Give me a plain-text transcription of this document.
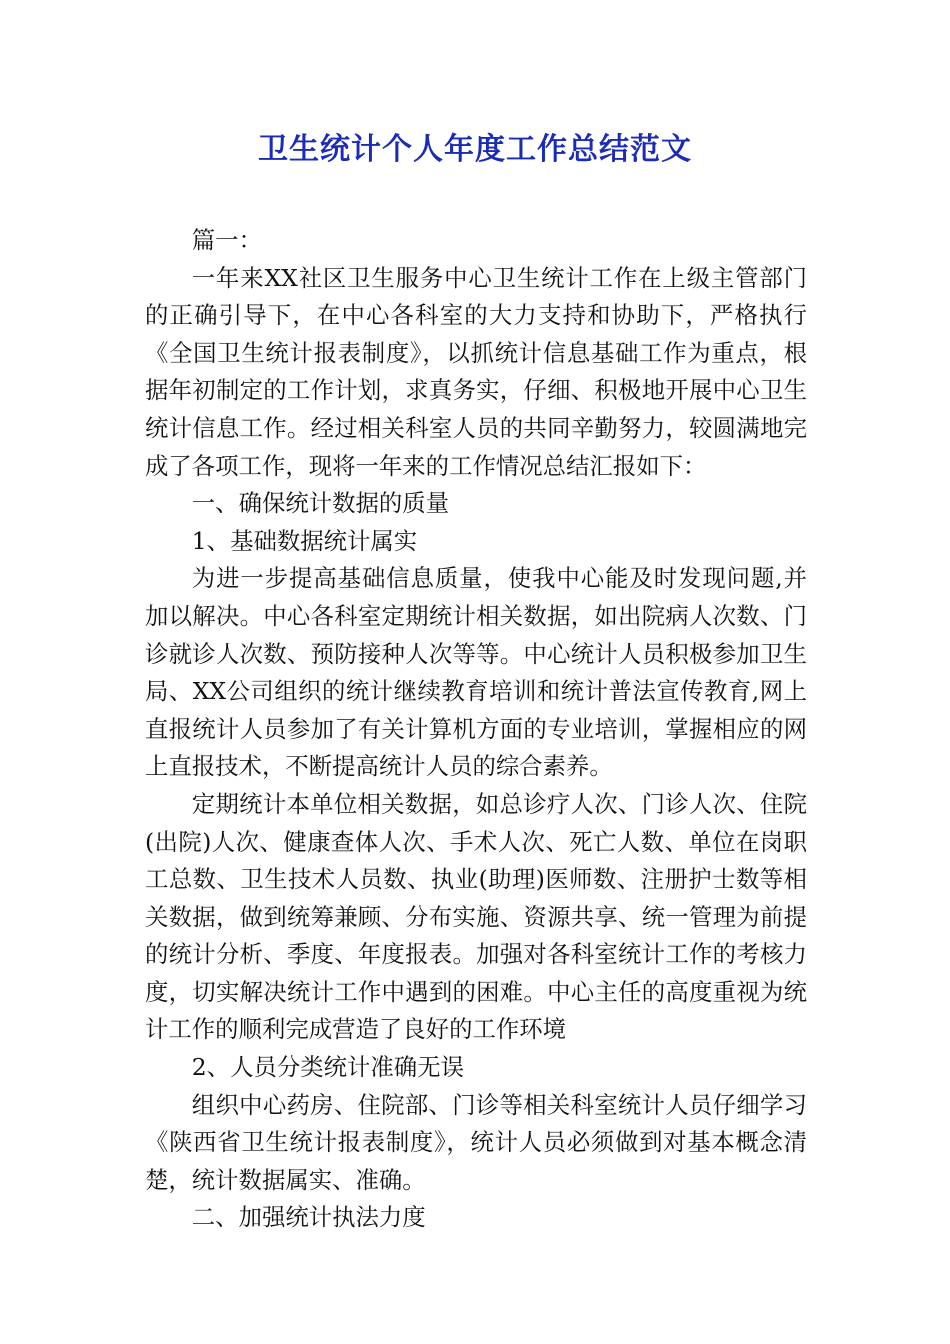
卫生统计个人年度工作总结范文

篇一：

一年来XX社区卫生服务中心卫生统计工作在上级主管部门的正确引导下，在中心各科室的大力支持和协助下，严格执行《全国卫生统计报表制度》，以抓统计信息基础工作为重点，根据年初制定的工作计划，求真务实，仔细、积极地开展中心卫生统计信息工作。经过相关科室人员的共同辛勤努力，较圆满地完成了各项工作，现将一年来的工作情况总结汇报如下：

一、确保统计数据的质量

1、基础数据统计属实

为进一步提高基础信息质量，使我中心能及时发现问题,并加以解决。中心各科室定期统计相关数据，如出院病人次数、门诊就诊人次数、预防接种人次等等。中心统计人员积极参加卫生局、XX公司组织的统计继续教育培训和统计普法宣传教育,网上直报统计人员参加了有关计算机方面的专业培训，掌握相应的网上直报技术，不断提高统计人员的综合素养。

定期统计本单位相关数据，如总诊疗人次、门诊人次、住院(出院)人次、健康查体人次、手术人次、死亡人数、单位在岗职工总数、卫生技术人员数、执业(助理)医师数、注册护士数等相关数据，做到统筹兼顾、分布实施、资源共享、统一管理为前提的统计分析、季度、年度报表。加强对各科室统计工作的考核力度，切实解决统计工作中遇到的困难。中心主任的高度重视为统计工作的顺利完成营造了良好的工作环境

2、人员分类统计准确无误

组织中心药房、住院部、门诊等相关科室统计人员仔细学习《陕西省卫生统计报表制度》，统计人员必须做到对基本概念清楚，统计数据属实、准确。

二、加强统计执法力度
